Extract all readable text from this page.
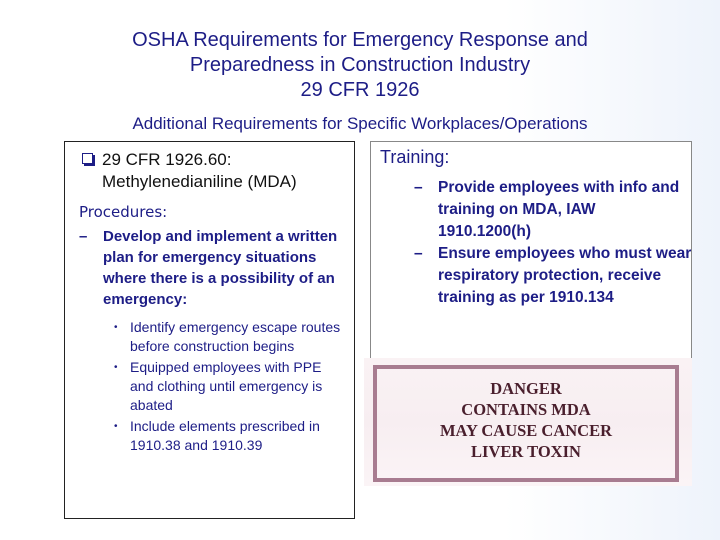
OSHA Requirements for Emergency Response and
Preparedness in Construction Industry
29 CFR 1926
Additional Requirements for Specific Workplaces/Operations
29 CFR 1926.60:
Methylenedianiline (MDA)
Procedures:
–	Develop and implement a written plan for emergency situations where there is a possibility of an emergency:
• Identify emergency escape routes before construction begins
• Equipped employees with PPE and clothing until emergency is abated
• Include elements prescribed in 1910.38 and 1910.39
Training:
– Provide employees with info and training on MDA, IAW 1910.1200(h)
– Ensure employees who must wear respiratory protection, receive training as per 1910.134
DANGER
CONTAINS MDA
MAY CAUSE CANCER
LIVER TOXIN
